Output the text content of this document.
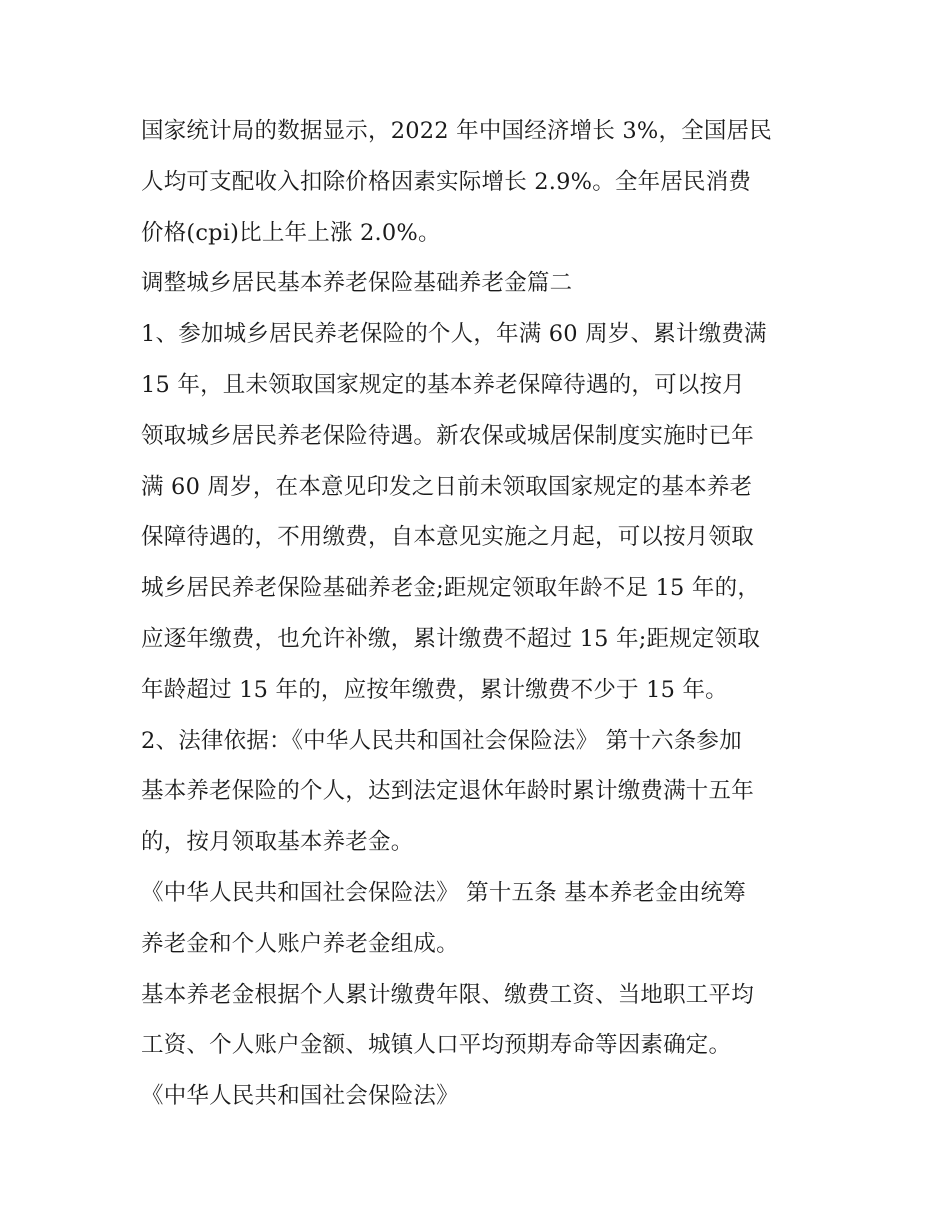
国家统计局的数据显示，2022 年中国经济增长 3%，全国居民
人均可支配收入扣除价格因素实际增长 2.9%。全年居民消费
价格(cpi)比上年上涨 2.0%。
调整城乡居民基本养老保险基础养老金篇二
1、参加城乡居民养老保险的个人，年满 60 周岁、累计缴费满
15 年，且未领取国家规定的基本养老保障待遇的，可以按月
领取城乡居民养老保险待遇。新农保或城居保制度实施时已年
满 60 周岁，在本意见印发之日前未领取国家规定的基本养老
保障待遇的，不用缴费，自本意见实施之月起，可以按月领取
城乡居民养老保险基础养老金;距规定领取年龄不足 15 年的，
应逐年缴费，也允许补缴，累计缴费不超过 15 年;距规定领取
年龄超过 15 年的，应按年缴费，累计缴费不少于 15 年。
2、法律依据：《中华人民共和国社会保险法》 第十六条参加
基本养老保险的个人，达到法定退休年龄时累计缴费满十五年
的，按月领取基本养老金。
《中华人民共和国社会保险法》 第十五条 基本养老金由统筹
养老金和个人账户养老金组成。
基本养老金根据个人累计缴费年限、缴费工资、当地职工平均
工资、个人账户金额、城镇人口平均预期寿命等因素确定。
《中华人民共和国社会保险法》
